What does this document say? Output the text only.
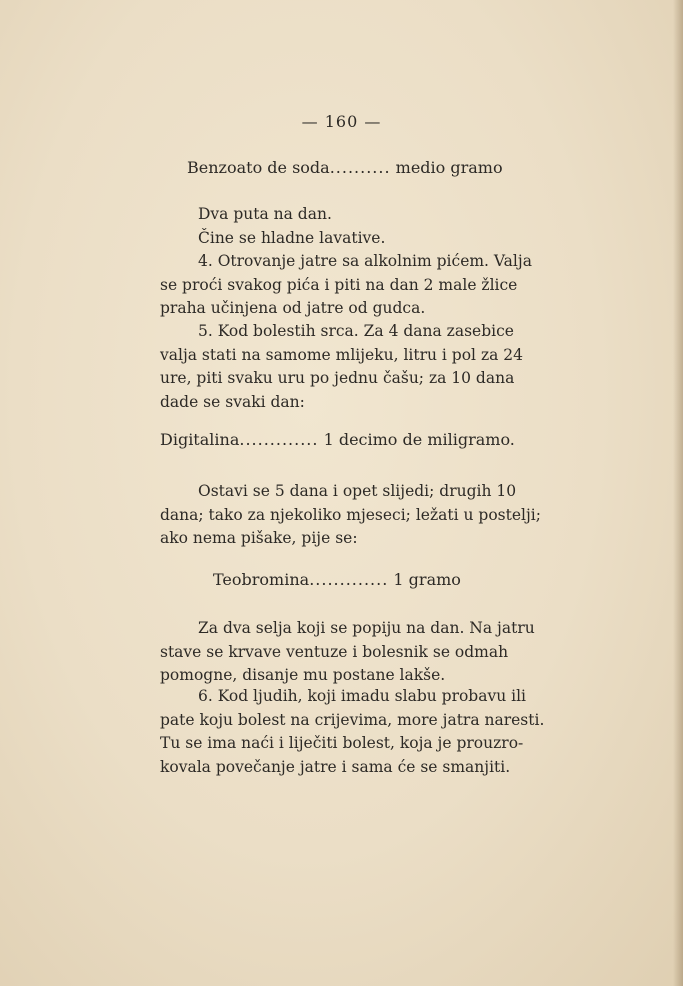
— 160 —
Benzoato de soda.......... medio gramo

Dva puta na dan.

Čine se hladne lavative.

4. Otrovanje jatre sa alkolnim pićem. Valja

se proći svakog pića i piti na dan 2 male žlice

praha učinjena od jatre od gudca.

5. Kod bolestih srca. Za 4 dana zasebice

valja stati na samome mlijeku, litru i pol za 24

ure, piti svaku uru po jednu čašu; za 10 dana

dade se svaki dan:

Digitalina............. 1 decimo de miligramo.

Ostavi se 5 dana i opet slijedi; drugih 10

dana; tako za njekoliko mjeseci; ležati u postelji;

ako nema pišake, pije se:

Teobromina............. 1 gramo

Za dva selja koji se popiju na dan. Na jatru

stave se krvave ventuze i bolesnik se odmah

pomogne, disanje mu postane lakše.

6. Kod ljudih, koji imadu slabu probavu ili

pate koju bolest na crijevima, more jatra naresti.

Tu se ima naći i liječiti bolest, koja je prouzro-

kovala povečanje jatre i sama će se smanjiti.
